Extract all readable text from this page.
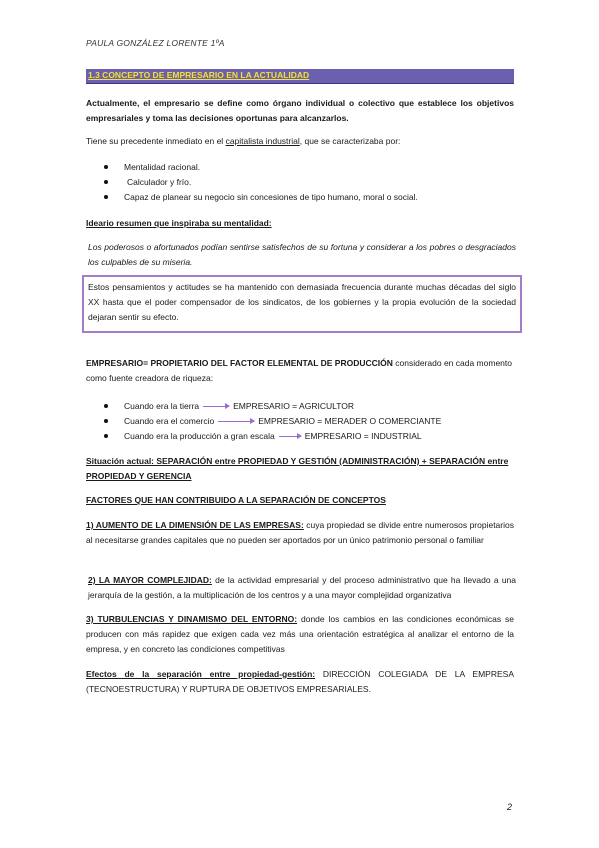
PAULA GONZÁLEZ LORENTE 1ºA
1.3 CONCEPTO DE EMPRESARIO EN LA ACTUALIDAD
Actualmente, el empresario se define como órgano individual o colectivo que establece los objetivos empresariales y toma las decisiones oportunas para alcanzarlos.
Tiene su precedente inmediato en el capitalista industrial, que se caracterizaba por:
Mentalidad racional.
Calculador y frío.
Capaz de planear su negocio sin concesiones de tipo humano, moral o social.
Ideario resumen que inspiraba su mentalidad:
Los poderosos o afortunados podían sentirse satisfechos de su fortuna y considerar a los pobres o desgraciados los culpables de su miseria.
Estos pensamientos y actitudes se ha mantenido con demasiada frecuencia durante muchas décadas del siglo XX hasta que el poder compensador de los sindicatos, de los gobiernes y la propia evolución de la sociedad dejaran sentir su efecto.
EMPRESARIO= PROPIETARIO DEL FACTOR ELEMENTAL DE PRODUCCIÓN considerado en cada momento como fuente creadora de riqueza:
Cuando era la tierra	EMPRESARIO = AGRICULTOR
Cuando era el comercio	EMPRESARIO = MERADER O COMERCIANTE
Cuando era la producción a gran escala	EMPRESARIO = INDUSTRIAL
Situación actual: SEPARACIÓN entre PROPIEDAD Y GESTIÓN (ADMINISTRACIÓN) + SEPARACIÓN entre PROPIEDAD Y GERENCIA
FACTORES QUE HAN CONTRIBUIDO A LA SEPARACIÓN DE CONCEPTOS
1) AUMENTO DE LA DIMENSIÓN DE LAS EMPRESAS: cuya propiedad se divide entre numerosos propietarios al necesitarse grandes capitales que no pueden ser aportados por un único patrimonio personal o familiar
2) LA MAYOR COMPLEJIDAD: de la actividad empresarial y del proceso administrativo que ha llevado a una jerarquía de la gestión, a la multiplicación de los centros y a una mayor complejidad organizativa
3) TURBULENCIAS Y DINAMISMO DEL ENTORNO: donde los cambios en las condiciones económicas se producen con más rapidez que exigen cada vez más una orientación estratégica al analizar el entorno de la empresa, y en concreto las condiciones competitivas
Efectos de la separación entre propiedad-gestión: DIRECCIÓN COLEGIADA DE LA EMPRESA (TECNOESTRUCTURA) Y RUPTURA DE OBJETIVOS EMPRESARIALES.
2
